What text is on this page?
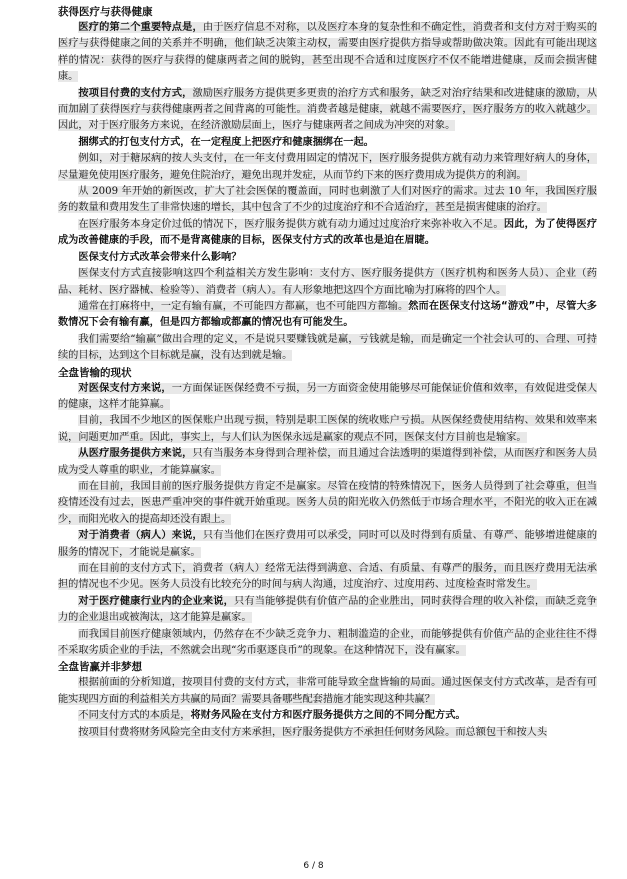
获得医疗与获得健康
医疗的第二个重要特点是，由于医疗信息不对称，以及医疗本身的复杂性和不确定性，消费者和支付方对于购买的医疗与获得健康之间的关系并不明确，他们缺乏决策主动权，需要由医疗提供方指导或帮助做决策。因此有可能出现这样的情况：获得的医疗与获得的健康两者之间的脱钩，甚至出现不合适和过度医疗不仅不能增进健康，反而会损害健康。
按项目付费的支付方式，激励医疗服务方提供更多更贵的治疗方式和服务，缺乏对治疗结果和改进健康的激励，从而加剧了获得医疗与获得健康两者之间背离的可能性。消费者越是健康，就越不需要医疗，医疗服务方的收入就越少。因此，对于医疗服务方来说，在经济激励层面上，医疗与健康两者之间成为冲突的对象。
捆绑式的打包支付方式，在一定程度上把医疗和健康捆绑在一起。
例如，对于糖尿病的按人头支付，在一年支付费用固定的情况下，医疗服务提供方就有动力来管理好病人的身体，尽量避免使用医疗服务，避免住院治疗，避免出现并发症，从而节约下来的医疗费用成为提供方的利润。
从 2009 年开始的新医改，扩大了社会医保的覆盖面，同时也刺激了人们对医疗的需求。过去 10 年，我国医疗服务的数量和费用发生了非常快速的增长，其中包含了不少的过度治疗和不合适治疗，甚至是损害健康的治疗。
在医疗服务本身定价过低的情况下，医疗服务提供方就有动力通过过度治疗来弥补收入不足。因此，为了使得医疗成为改善健康的手段，而不是背离健康的目标，医保支付方式的改革也是迫在眉睫。
医保支付方式改革会带来什么影响？
医保支付方式直接影响这四个利益相关方发生影响：支付方、医疗服务提供方（医疗机构和医务人员）、企业（药品、耗材、医疗器械、检验等）、消费者（病人）。有人形象地把这四个方面比喻为打麻将的四个人。
通常在打麻将中，一定有输有赢，不可能四方都赢，也不可能四方都输。然而在医保支付这场“游戏”中，尽管大多数情况下会有输有赢，但是四方都输或都赢的情况也有可能发生。
我们需要给“输赢”做出合理的定义，不是说只要赚钱就是赢，亏钱就是输，而是确定一个社会认可的、合理、可持续的目标，达到这个目标就是赢，没有达到就是输。
全盘皆输的现状
对医保支付方来说，一方面保证医保经费不亏损，另一方面资金使用能够尽可能保证价值和效率，有效促进受保人的健康，这样才能算赢。
目前，我国不少地区的医保账户出现亏损，特别是职工医保的统收账户亏损。从医保经费使用结构、效果和效率来说，问题更加严重。因此，事实上，与人们认为医保永远是赢家的观点不同，医保支付方目前也是输家。
从医疗服务提供方来说，只有当服务本身得到合理补偿，而且通过合法透明的渠道得到补偿，从而医疗和医务人员成为受人尊重的职业，才能算赢家。
而在目前，我国目前的医疗服务提供方肯定不是赢家。尽管在疫情的特殊情况下，医务人员得到了社会尊重，但当疫情还没有过去，医患严重冲突的事件就开始重现。医务人员的阳光收入仍然低于市场合理水平，不阳光的收入正在减少，而阳光收入的提高却还没有跟上。
对于消费者（病人）来说，只有当他们在医疗费用可以承受，同时可以及时得到有质量、有尊严、能够增进健康的服务的情况下，才能说是赢家。
而在目前的支付方式下，消费者（病人）经常无法得到满意、合适、有质量、有尊严的服务，而且医疗费用无法承担的情况也不少见。医务人员没有比较充分的时间与病人沟通，过度治疗、过度用药、过度检查时常发生。
对于医疗健康行业内的企业来说，只有当能够提供有价值产品的企业胜出，同时获得合理的收入补偿，而缺乏竞争力的企业退出或被淘汰，这才能算是赢家。
而我国目前医疗健康领域内，仍然存在不少缺乏竞争力、粗制滥造的企业，而能够提供有价值产品的企业往往不得不采取劣质企业的手法，不然就会出现“劣币驱逐良币”的现象。在这种情况下，没有赢家。
全盘皆赢并非梦想
根据前面的分析知道，按项目付费的支付方式，非常可能导致全盘皆输的局面。通过医保支付方式改革，是否有可能实现四方面的利益相关方共赢的局面？需要具备哪些配套措施才能实现这种共赢？
不同支付方式的本质是，将财务风险在支付方和医疗服务提供方之间的不同分配方式。
按项目付费将财务风险完全由支付方来承担，医疗服务提供方不承担任何财务风险。而总额包干和按人头
6 / 8
